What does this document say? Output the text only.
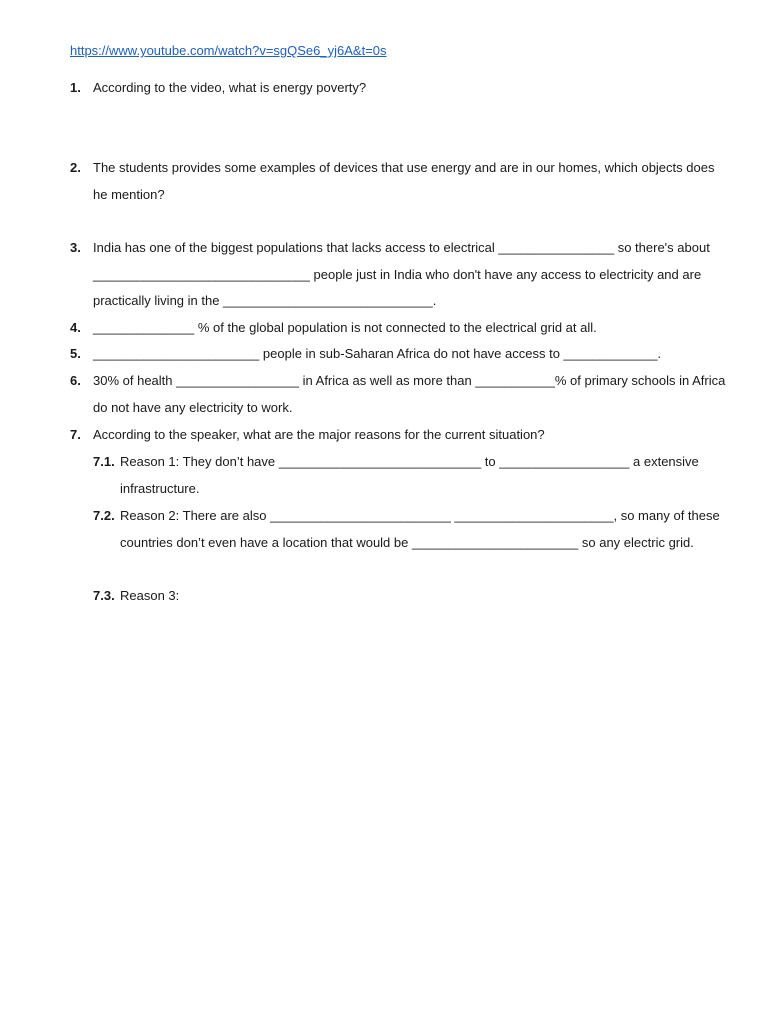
https://www.youtube.com/watch?v=sgQSe6_yj6A&t=0s
1. According to the video, what is energy poverty?
2. The students provides some examples of devices that use energy and are in our homes, which objects does he mention?
3. India has one of the biggest populations that lacks access to electrical ________________ so there's about ______________________________ people just in India who don't have any access to electricity and are practically living in the _____________________________.
4. ______________ % of the global population is not connected to the electrical grid at all.
5. _______________________ people in sub-Saharan Africa do not have access to _____________.
6. 30% of health _________________ in Africa as well as more than ___________% of primary schools in Africa do not have any electricity to work.
7. According to the speaker, what are the major reasons for the current situation?
7.1. Reason 1: They don’t have ____________________________ to __________________ a extensive infrastructure.
7.2. Reason 2: There are also _________________________ ______________________, so many of these countries don’t even have a location that would be _______________________ so any electric grid.
7.3. Reason 3:
